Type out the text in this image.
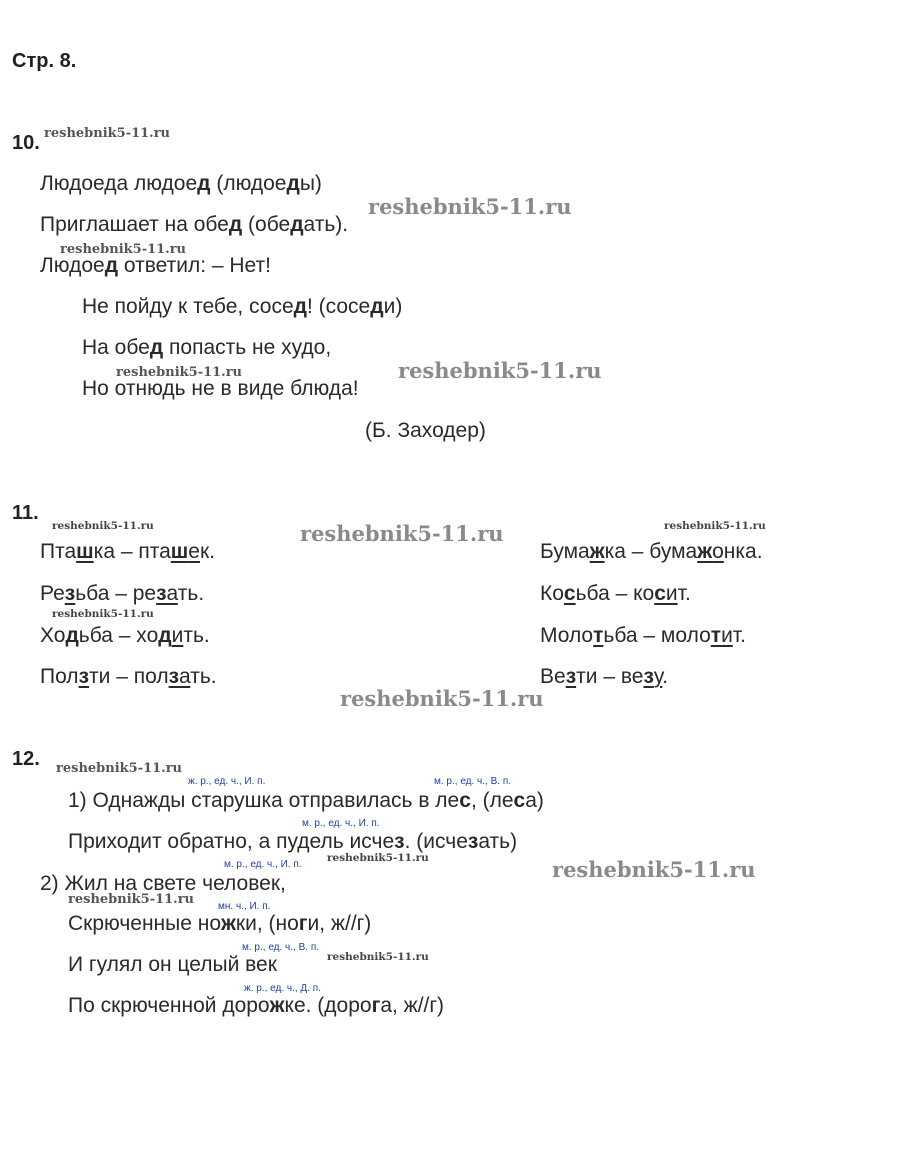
Стр. 8.
10. reshebnik5-11.ru
Людоеда людоед (людоеды)
Приглашает на обед (обедать).
reshebnik5-11.ru
reshebnik5-11.ru
Людоед ответил: – Нет!
Не пойду к тебе, сосед! (соседи)
На обед попасть не худо,
reshebnik5-11.ru
reshebnik5-11.ru
Но отнюдь не в виде блюда!
(Б. Заходер)
11.
reshebnik5-11.ru	reshebnik5-11.ru	reshebnik5-11.ru
Пташка – пташек.	Бумажка – бумажонка.
Резьба – резать.	Косьба – косит.
reshebnik5-11.ru
Ходьба – ходить.	Молотьба – молотит.
Ползти – ползать.	Везти – везу.
reshebnik5-11.ru
12. reshebnik5-11.ru
ж. р., ед. ч., И. п.	м. р., ед. ч., В. п.
1) Однажды старушка отправилась в лес, (леса)
м. р., ед. ч., И. п.
Приходит обратно, а пудель исчез. (исчезать)
м. р., ед. ч., И. п.
reshebnik5-11.ru	reshebnik5-11.ru
2) Жил на свете человек,
reshebnik5-11.ru мн. ч., И. п.
Скрюченные ножки, (ноги, ж//г)
м. р., ед. ч., В. п.
reshebnik5-11.ru
И гулял он целый век
ж. р., ед. ч., Д. п.
По скрюченной дорожке. (дорога, ж//г)
